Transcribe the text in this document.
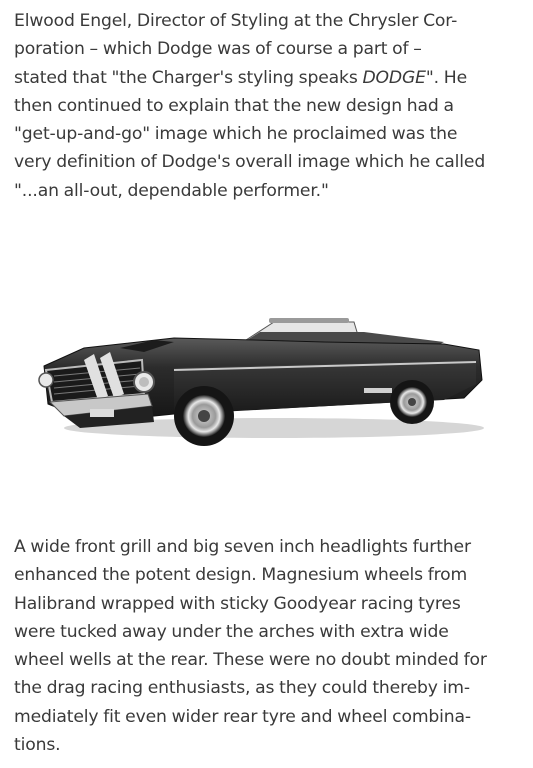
Elwood Engel, Director of Styling at the Chrysler Cor-
poration – which Dodge was of course a part of –
stated that "the Charger's styling speaks DODGE". He
then continued to explain that the new design had a
"get-up-and-go" image which he proclaimed was the
very definition of Dodge's overall image which he called
"...an all-out, dependable performer."

A wide front grill and big seven inch headlights further
enhanced the potent design. Magnesium wheels from
Halibrand wrapped with sticky Goodyear racing tyres
were tucked away under the arches with extra wide
wheel wells at the rear. These were no doubt minded for
the drag racing enthusiasts, as they could thereby im-
mediately fit even wider rear tyre and wheel combina-
tions.
